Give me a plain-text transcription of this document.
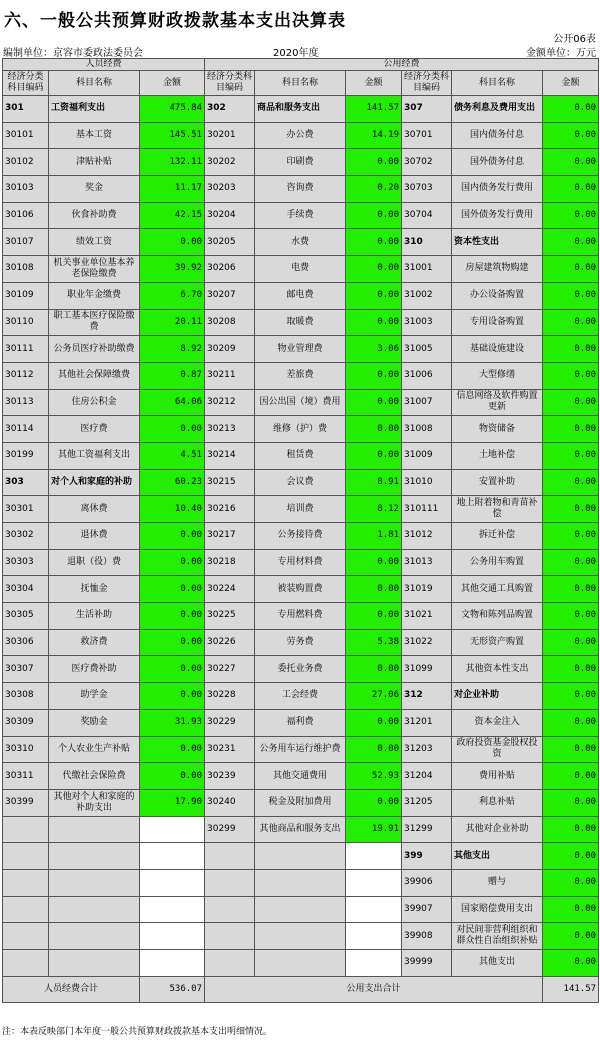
六、一般公共预算财政拨款基本支出决算表
公开06表
编制单位：京容市委政法委员会	2020年度	金额单位：万元
人员经费			公用经费					
经济分类科目编码	科目名称	金额	经济分类科目编码	科目名称	金额	经济分类科目编码	科目名称	金额
301	工资福利支出	475.84	302	商品和服务支出	141.57	307	债务利息及费用支出	0.00
30101	基本工资	145.51	30201	办公费	14.19	30701	国内债务付息	0.00
30102	津贴补贴	132.11	30202	印刷费	0.00	30702	国外债务付息	0.00
30103	奖金	11.17	30203	咨询费	0.20	30703	国内债务发行费用	0.00
30106	伙食补助费	42.15	30204	手续费	0.00	30704	国外债务发行费用	0.00
30107	绩效工资	0.00	30205	水费	0.00	310	资本性支出	0.00
30108	机关事业单位基本养老保险缴费	39.92	30206	电费	0.00	31001	房屋建筑物购建	0.00
30109	职业年金缴费	6.70	30207	邮电费	0.00	31002	办公设备购置	0.00
30110	职工基本医疗保险缴费	20.11	30208	取暖费	0.00	31003	专用设备购置	0.00
30111	公务员医疗补助缴费	8.92	30209	物业管理费	3.06	31005	基础设施建设	0.00
30112	其他社会保障缴费	0.87	30211	差旅费	0.00	31006	大型修缮	0.00
30113	住房公积金	64.06	30212	因公出国（境）费用	0.00	31007	信息网络及软件购置更新	0.00
30114	医疗费	0.00	30213	维修（护）费	0.00	31008	物资储备	0.00
30199	其他工资福利支出	4.51	30214	租赁费	0.00	31009	土地补偿	0.00
303	对个人和家庭的补助	60.23	30215	会议费	8.91	31010	安置补助	0.00
30301	离休费	10.40	30216	培训费	8.12	310111	地上附着物和青苗补偿	0.00
30302	退休费	0.00	30217	公务接待费	1.81	31012	拆迁补偿	0.00
30303	退职（役）费	0.00	30218	专用材料费	0.00	31013	公务用车购置	0.00
30304	抚恤金	0.00	30224	被装购置费	0.00	31019	其他交通工具购置	0.00
30305	生活补助	0.00	30225	专用燃料费	0.00	31021	文物和陈列品购置	0.00
30306	救济费	0.00	30226	劳务费	5.38	31022	无形资产购置	0.00
30307	医疗费补助	0.00	30227	委托业务费	0.00	31099	其他资本性支出	0.00
30308	助学金	0.00	30228	工会经费	27.06	312	对企业补助	0.00
30309	奖励金	31.93	30229	福利费	0.00	31201	资本金注入	0.00
30310	个人农业生产补贴	0.00	30231	公务用车运行维护费	0.00	31203	政府投资基金股权投资	0.00
30311	代缴社会保险费	0.00	30239	其他交通费用	52.93	31204	费用补贴	0.00
30399	其他对个人和家庭的补助支出	17.90	30240	税金及附加费用	0.00	31205	利息补贴	0.00
			30299	其他商品和服务支出	19.91	31299	其他对企业补助	0.00
						399	其他支出	0.00
						39906	赠与	0.00
						39907	国家赔偿费用支出	0.00
						39908	对民间非营利组织和群众性自治组织补贴	0.00
						39999	其他支出	0.00
人员经费合计		536.07	公用支出合计					141.57
注：本表反映部门本年度一般公共预算财政拨款基本支出明细情况。
